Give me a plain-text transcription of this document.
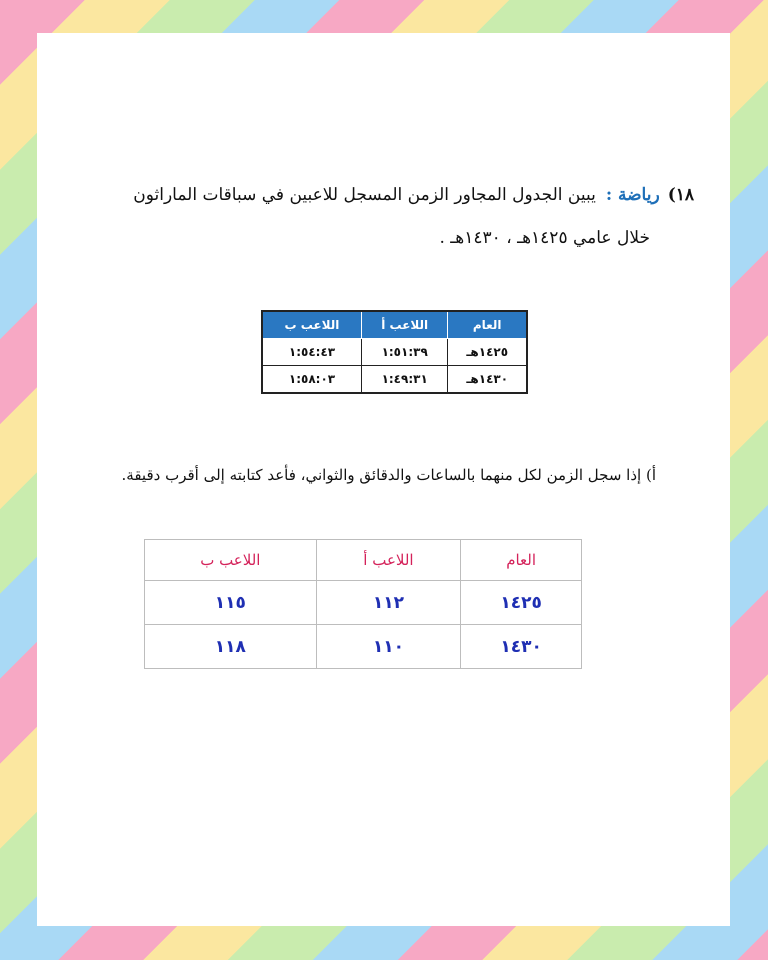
١٨)رياضة :يبين الجدول المجاور الزمن المسجل للاعبين في سباقات الماراثون
خلال عامي ١٤٢٥هـ ، ١٤٣٠هـ .
العام	اللاعب أ	اللاعب ب
١٤٢٥هـ	١:٥١:٣٩	١:٥٤:٤٣
١٤٣٠هـ	١:٤٩:٣١	١:٥٨:٠٣
أ) إذا سجل الزمن لكل منهما بالساعات والدقائق والثواني، فأعد كتابته إلى أقرب دقيقة.
العام	اللاعب أ	اللاعب ب
١٤٢٥	١١٢	١١٥
١٤٣٠	١١٠	١١٨
